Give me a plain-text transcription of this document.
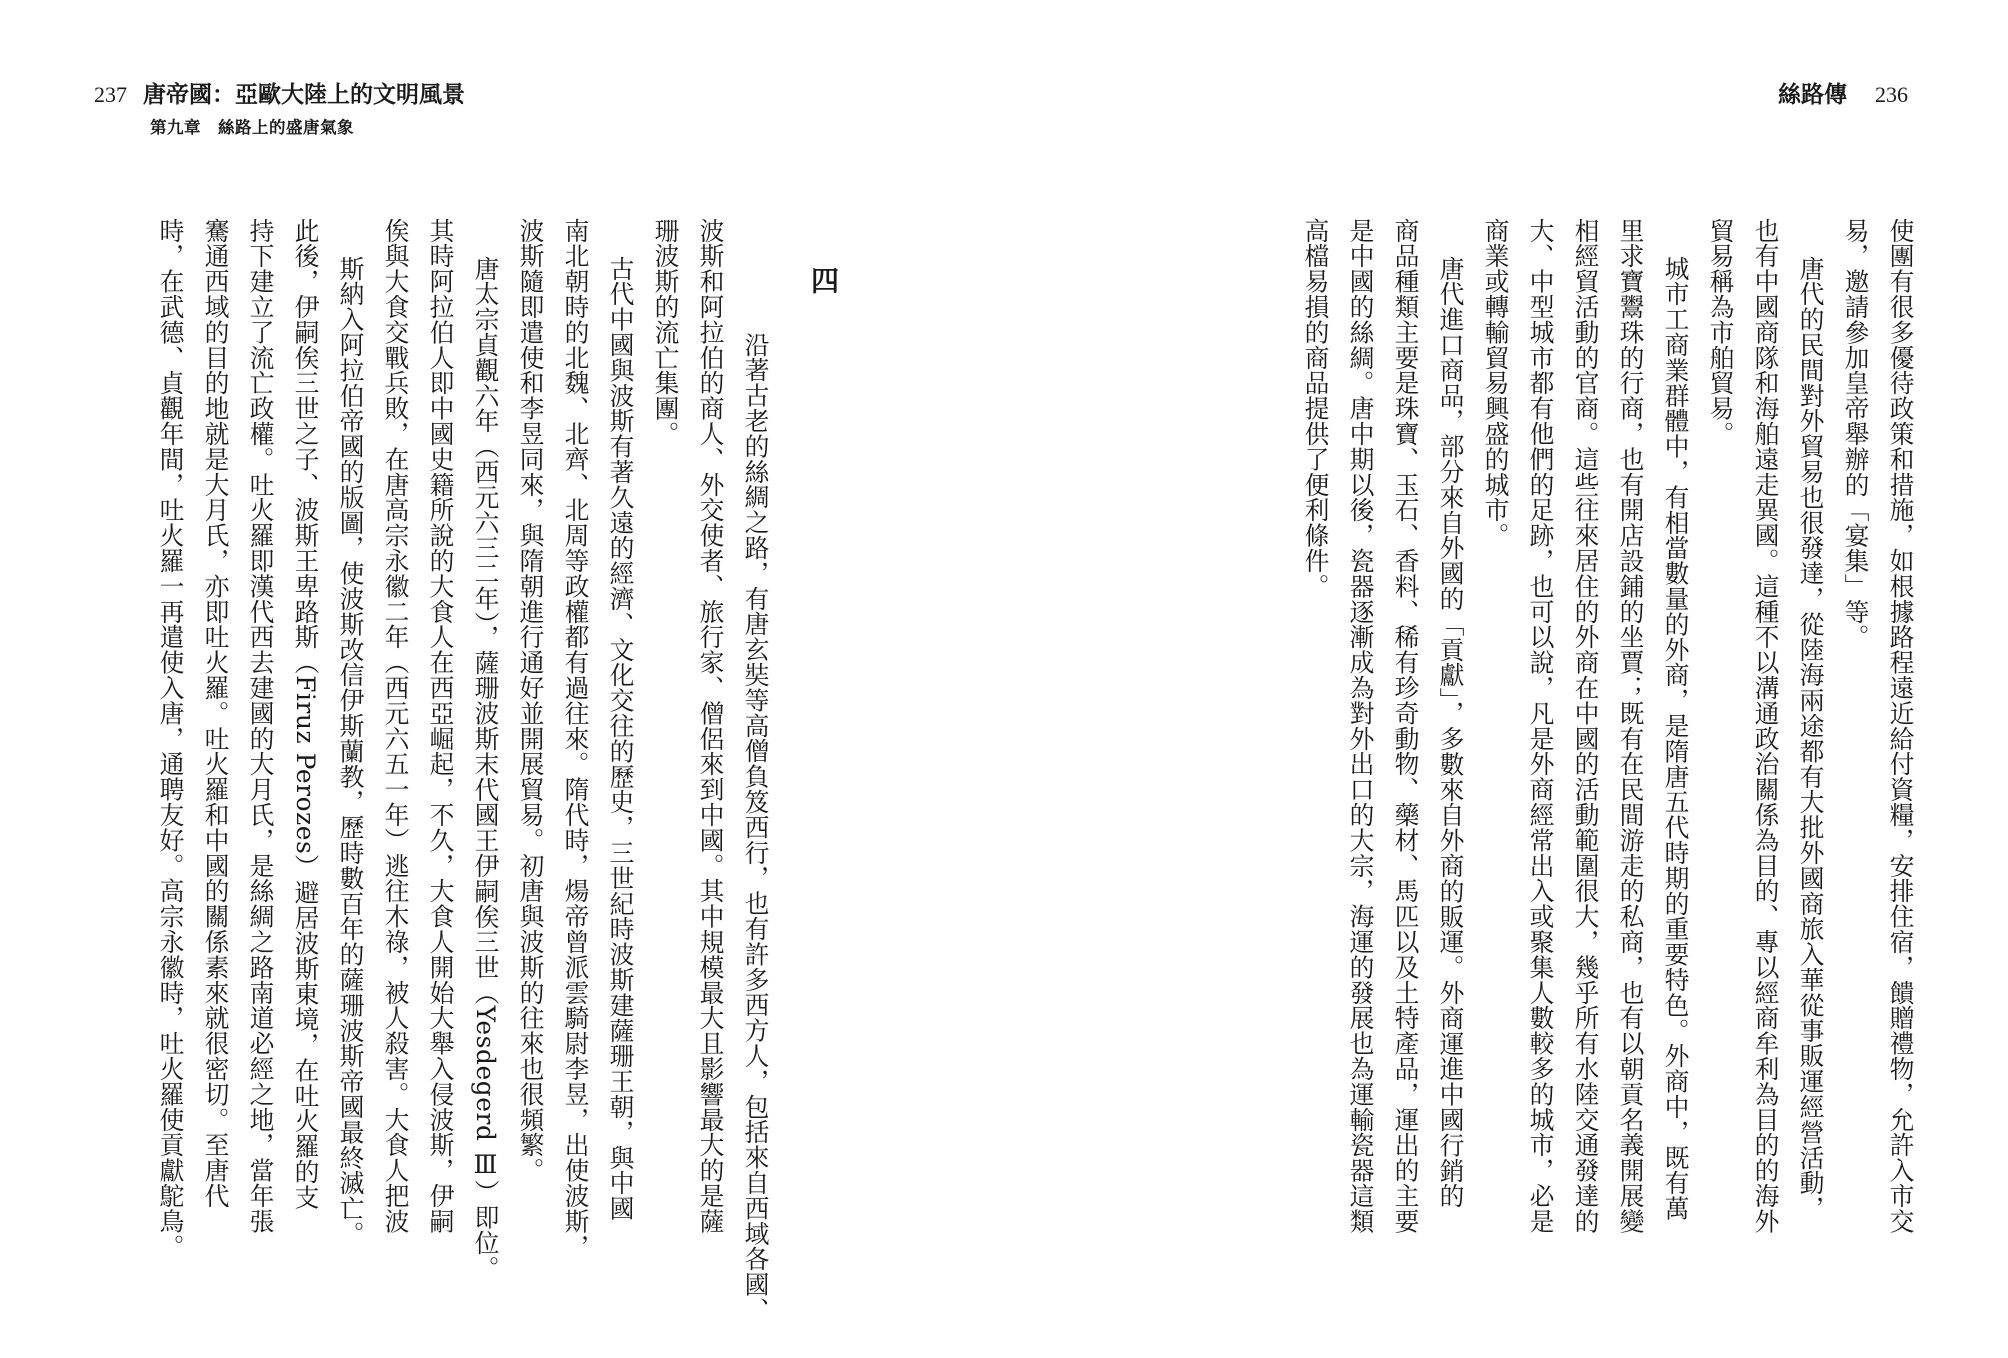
237 唐帝國：亞歐大陸上的文明風景
第九章　絲路上的盛唐氣象
絲路傳 236
四
沿著古老的絲綢之路，有唐玄奘等高僧負笈西行，也有許多西方人，包括來自西域各國、
波斯和阿拉伯的商人、外交使者、旅行家、僧侶來到中國。其中規模最大且影響最大的是薩
珊波斯的流亡集團。
古代中國與波斯有著久遠的經濟、文化交往的歷史，三世紀時波斯建薩珊王朝，與中國
南北朝時的北魏、北齊、北周等政權都有過往來。隋代時，煬帝曾派雲騎尉李昱，出使波斯，
波斯隨即遣使和李昱同來，與隋朝進行通好並開展貿易。初唐與波斯的往來也很頻繁。
唐太宗貞觀六年（西元六三二年），薩珊波斯末代國王伊嗣俟三世（Yesdegerd Ⅲ）即位。
其時阿拉伯人即中國史籍所說的大食人在西亞崛起，不久，大食人開始大舉入侵波斯，伊嗣
俟與大食交戰兵敗，在唐高宗永徽二年（西元六五一年）逃往木祿，被人殺害。大食人把波
斯納入阿拉伯帝國的版圖，使波斯改信伊斯蘭教，歷時數百年的薩珊波斯帝國最終滅亡。
此後，伊嗣俟三世之子、波斯王卑路斯（Firuz Perozes）避居波斯東境，在吐火羅的支
持下建立了流亡政權。吐火羅即漢代西去建國的大月氏，是絲綢之路南道必經之地，當年張
騫通西域的目的地就是大月氏，亦即吐火羅。吐火羅和中國的關係素來就很密切。至唐代
時，在武德、貞觀年間，吐火羅一再遣使入唐，通聘友好。高宗永徽時，吐火羅使貢獻鴕鳥。	使團有很多優待政策和措施，如根據路程遠近給付資糧，安排住宿，饋贈禮物，允許入市交
易，邀請參加皇帝舉辦的「宴集」等。
唐代的民間對外貿易也很發達，從陸海兩途都有大批外國商旅入華從事販運經營活動，
也有中國商隊和海舶遠走異國。這種不以溝通政治關係為目的、專以經商牟利為目的的海外
貿易稱為市舶貿易。
城市工商業群體中，有相當數量的外商，是隋唐五代時期的重要特色。外商中，既有萬
里求寶鬻珠的行商，也有開店設鋪的坐賈；既有在民間游走的私商，也有以朝貢名義開展變
相經貿活動的官商。這些往來居住的外商在中國的活動範圍很大，幾乎所有水陸交通發達的
大、中型城市都有他們的足跡，也可以說，凡是外商經常出入或聚集人數較多的城市，必是
商業或轉輸貿易興盛的城市。
唐代進口商品，部分來自外國的「貢獻」，多數來自外商的販運。外商運進中國行銷的
商品種類主要是珠寶、玉石、香料、稀有珍奇動物、藥材、馬匹以及土特產品，運出的主要
是中國的絲綢。唐中期以後，瓷器逐漸成為對外出口的大宗，海運的發展也為運輸瓷器這類
高檔易損的商品提供了便利條件。
